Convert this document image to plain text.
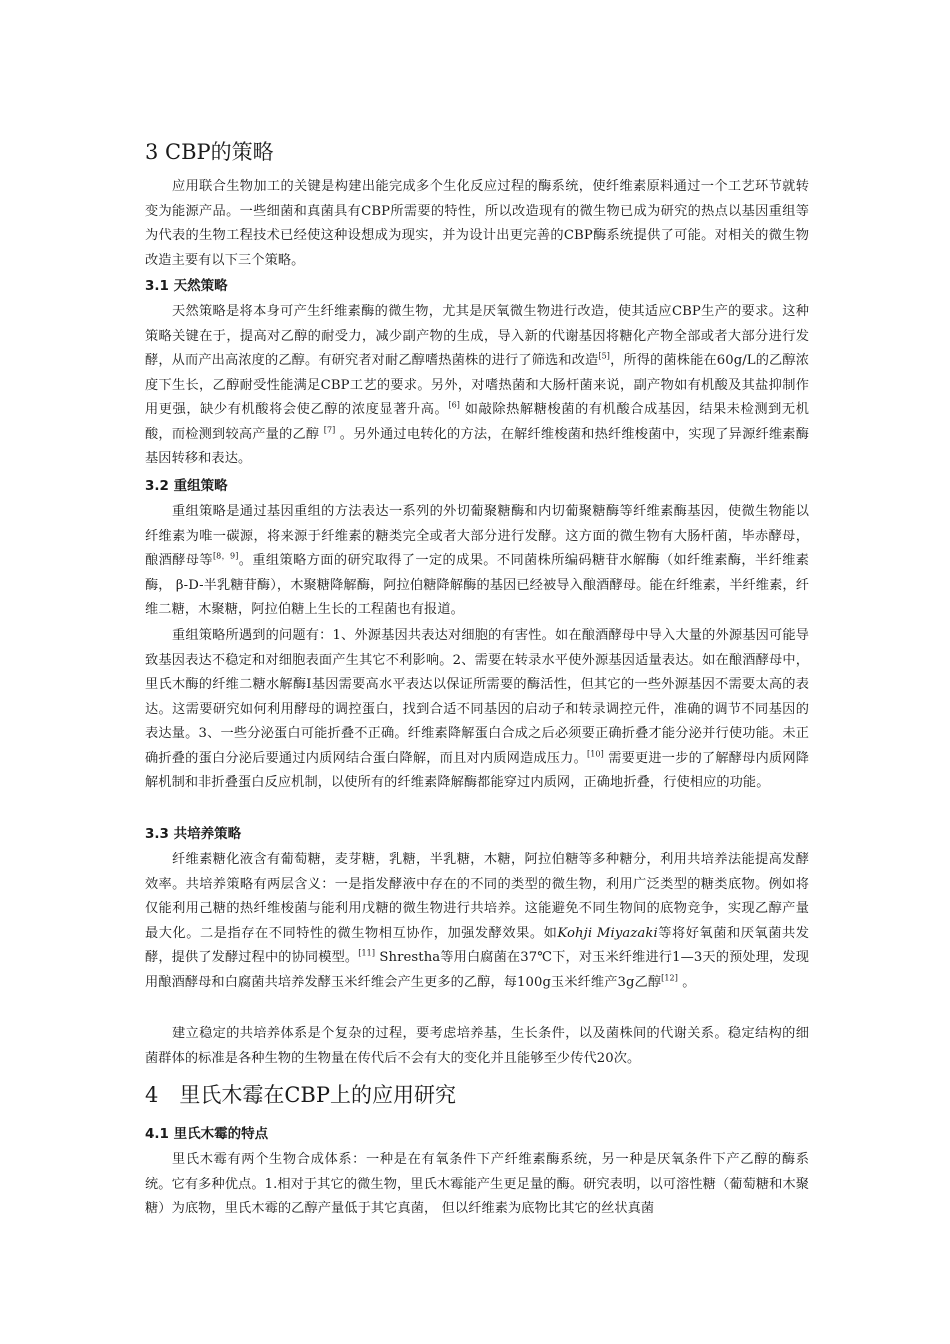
3 CBP的策略

应用联合生物加工的关键是构建出能完成多个生化反应过程的酶系统，使纤维素原料通过一个工艺环节就转变为能源产品。一些细菌和真菌具有CBP所需要的特性，所以改造现有的微生物已成为研究的热点以基因重组等为代表的生物工程技术已经使这种设想成为现实，并为设计出更完善的CBP酶系统提供了可能。对相关的微生物改造主要有以下三个策略。

3.1 天然策略

天然策略是将本身可产生纤维素酶的微生物，尤其是厌氧微生物进行改造，使其适应CBP生产的要求。这种策略关键在于，提高对乙醇的耐受力，减少副产物的生成，导入新的代谢基因将糖化产物全部或者大部分进行发酵，从而产出高浓度的乙醇。有研究者对耐乙醇嗜热菌株的进行了筛选和改造[5]，所得的菌株能在60g/L的乙醇浓度下生长，乙醇耐受性能满足CBP工艺的要求。另外，对嗜热菌和大肠杆菌来说，副产物如有机酸及其盐抑制作用更强，缺少有机酸将会使乙醇的浓度显著升高。[6] 如敲除热解糖梭菌的有机酸合成基因，结果未检测到无机酸，而检测到较高产量的乙醇 [7] 。另外通过电转化的方法，在解纤维梭菌和热纤维梭菌中，实现了异源纤维素酶基因转移和表达。

3.2 重组策略

重组策略是通过基因重组的方法表达一系列的外切葡聚糖酶和内切葡聚糖酶等纤维素酶基因，使微生物能以纤维素为唯一碳源，将来源于纤维素的糖类完全或者大部分进行发酵。这方面的微生物有大肠杆菌，毕赤酵母，酿酒酵母等[8，9]。重组策略方面的研究取得了一定的成果。不同菌株所编码糖苷水解酶（如纤维素酶，半纤维素酶， β-D-半乳糖苷酶），木聚糖降解酶，阿拉伯糖降解酶的基因已经被导入酿酒酵母。能在纤维素，半纤维素，纤维二糖，木聚糖，阿拉伯糖上生长的工程菌也有报道。

重组策略所遇到的问题有：1、外源基因共表达对细胞的有害性。如在酿酒酵母中导入大量的外源基因可能导致基因表达不稳定和对细胞表面产生其它不利影响。2、需要在转录水平使外源基因适量表达。如在酿酒酵母中，里氏木酶的纤维二糖水解酶Ⅰ基因需要高水平表达以保证所需要的酶活性，但其它的一些外源基因不需要太高的表达。这需要研究如何利用酵母的调控蛋白，找到合适不同基因的启动子和转录调控元件，准确的调节不同基因的表达量。3、一些分泌蛋白可能折叠不正确。纤维素降解蛋白合成之后必须要正确折叠才能分泌并行使功能。未正确折叠的蛋白分泌后要通过内质网结合蛋白降解，而且对内质网造成压力。[10] 需要更进一步的了解酵母内质网降解机制和非折叠蛋白反应机制，以使所有的纤维素降解酶都能穿过内质网，正确地折叠，行使相应的功能。

3.3 共培养策略

纤维素糖化液含有葡萄糖，麦芽糖，乳糖，半乳糖，木糖，阿拉伯糖等多种糖分，利用共培养法能提高发酵效率。共培养策略有两层含义：一是指发酵液中存在的不同的类型的微生物，利用广泛类型的糖类底物。例如将仅能利用己糖的热纤维梭菌与能利用戊糖的微生物进行共培养。这能避免不同生物间的底物竞争，实现乙醇产量最大化。二是指存在不同特性的微生物相互协作，加强发酵效果。如Kohji Miyazaki等将好氧菌和厌氧菌共发酵，提供了发酵过程中的协同模型。[11] Shrestha等用白腐菌在37℃下，对玉米纤维进行1—3天的预处理，发现用酿酒酵母和白腐菌共培养发酵玉米纤维会产生更多的乙醇，每100g玉米纤维产3g乙醇[12] 。

建立稳定的共培养体系是个复杂的过程，要考虑培养基，生长条件，以及菌株间的代谢关系。稳定结构的细菌群体的标准是各种生物的生物量在传代后不会有大的变化并且能够至少传代20次。

4　里氏木霉在CBP上的应用研究
4.1 里氏木霉的特点

里氏木霉有两个生物合成体系：一种是在有氧条件下产纤维素酶系统，另一种是厌氧条件下产乙醇的酶系统。它有多种优点。1.相对于其它的微生物，里氏木霉能产生更足量的酶。研究表明，以可溶性糖（葡萄糖和木聚糖）为底物，里氏木霉的乙醇产量低于其它真菌， 但以纤维素为底物比其它的丝状真菌
